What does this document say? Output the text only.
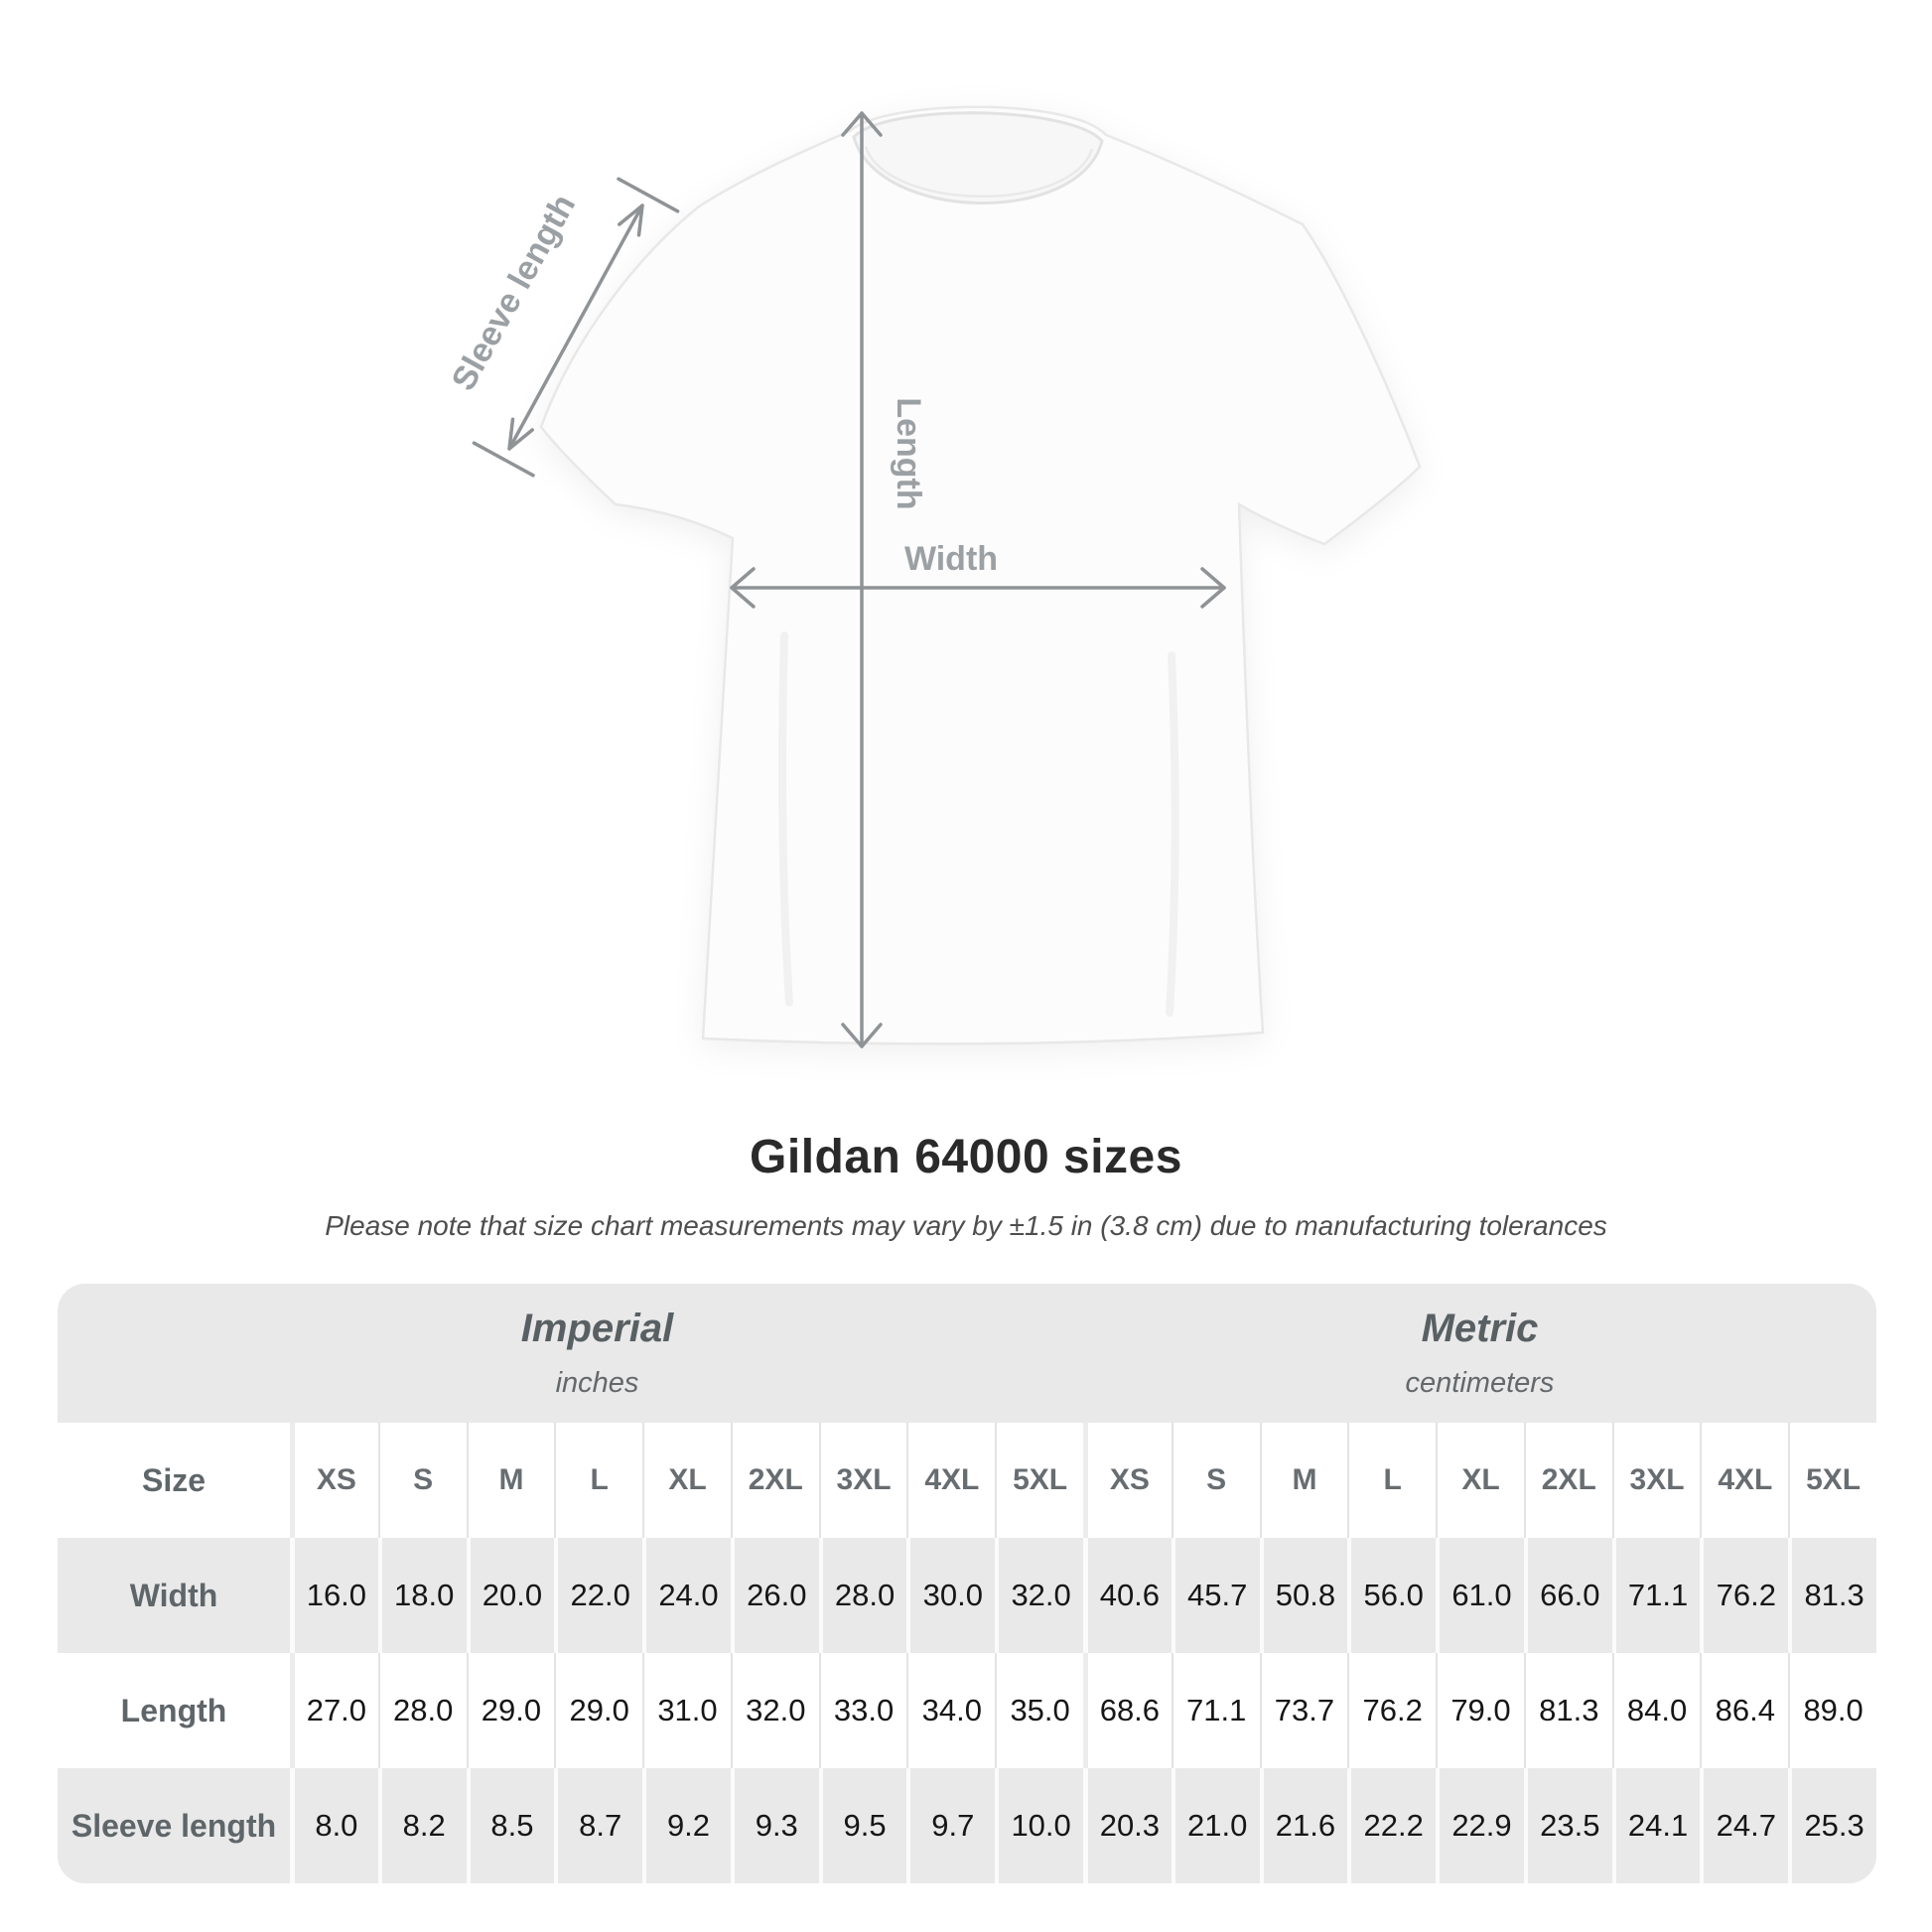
Sleeve length
Length
Width
Gildan 64000 sizes
Please note that size chart measurements may vary by ±1.5 in (3.8 cm) due to manufacturing tolerances
Imperial
inches
Metric
centimeters
Size	XS	S	M	L	XL	2XL	3XL	4XL	5XL	XS	S	M	L	XL	2XL	3XL	4XL	5XL
Width	16.0 18.0 20.0 22.0 24.0 26.0 28.0 30.0 32.0 40.6 45.7 50.8 56.0 61.0 66.0 71.1 76.2 81.3
Length	27.0 28.0 29.0 29.0 31.0 32.0 33.0 34.0 35.0 68.6 71.1 73.7 76.2 79.0 81.3 84.0 86.4 89.0
Sleeve length	8.0	8.2	8.5	8.7	9.2	9.3	9.5	9.7	10.0 20.3 21.0 21.6 22.2 22.9 23.5 24.1 24.7 25.3
